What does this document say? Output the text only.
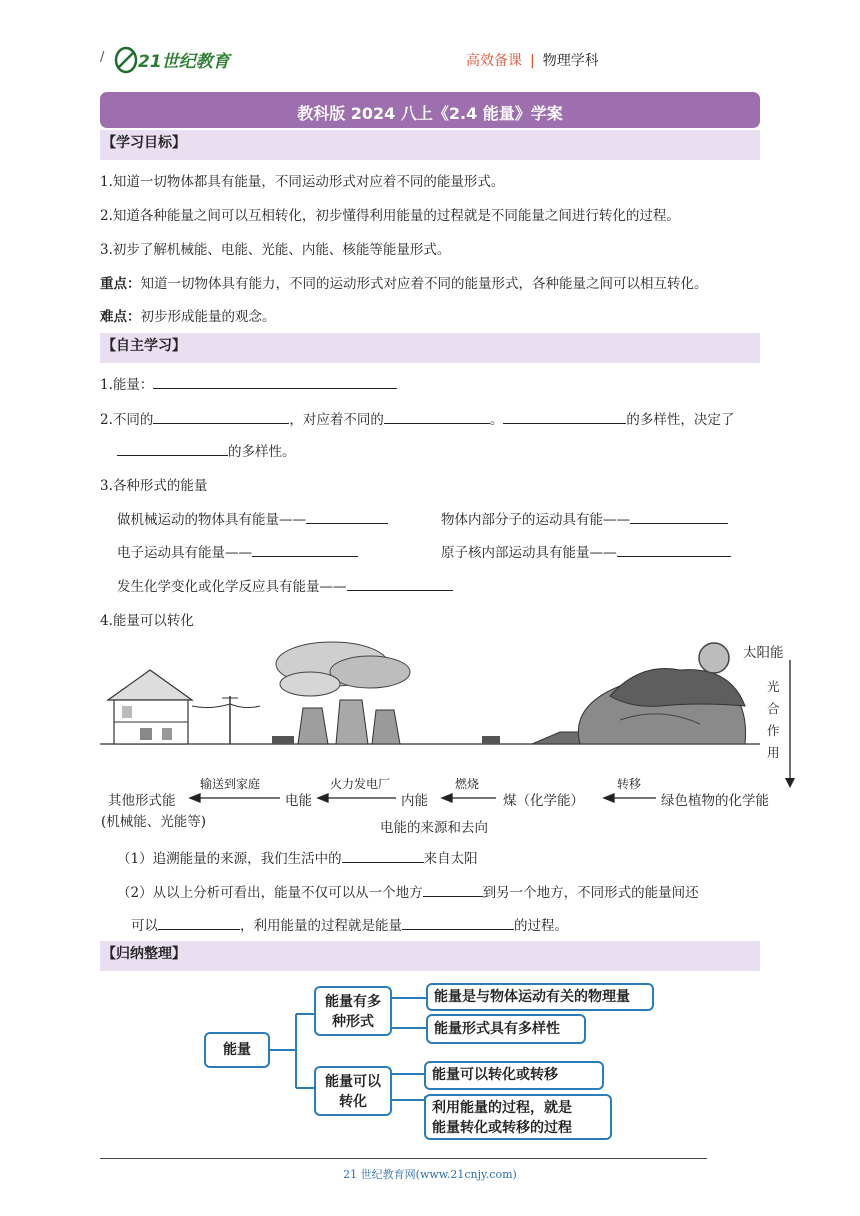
/ 21世纪教育	高效备课 | 物理学科
教科版 2024 八上《2.4 能量》学案
【学习目标】
1.知道一切物体都具有能量，不同运动形式对应着不同的能量形式。
2.知道各种能量之间可以互相转化，初步懂得利用能量的过程就是不同能量之间进行转化的过程。
3.初步了解机械能、电能、光能、内能、核能等能量形式。
重点：知道一切物体具有能力，不同的运动形式对应着不同的能量形式，各种能量之间可以相互转化。
难点：初步形成能量的观念。
【自主学习】
1.能量：
2.不同的	，对应着不同的	。	的多样性，决定了
的多样性。
3.各种形式的能量
做机械运动的物体具有能量——	物体内部分子的运动具有能——
电子运动具有能量——	原子核内部运动具有能量——
发生化学变化或化学反应具有能量——
4.能量可以转化
太阳能
光
合
作
用
其他形式能
(机械能、光能等)
输送到家庭
电能
火力发电厂
内能
燃烧
煤（化学能）
转移
绿色植物的化学能
电能的来源和去向
（1）追溯能量的来源，我们生活中的	来自太阳
（2）从以上分析可看出，能量不仅可以从一个地方	到另一个地方，不同形式的能量间还
可以	，利用能量的过程就是能量	的过程。
【归纳整理】
能量
能量有多种形式
能量可以转化
能量是与物体运动有关的物理量
能量形式具有多样性
能量可以转化或转移
利用能量的过程，就是
能量转化或转移的过程
21 世纪教育网(www.21cnjy.com)
